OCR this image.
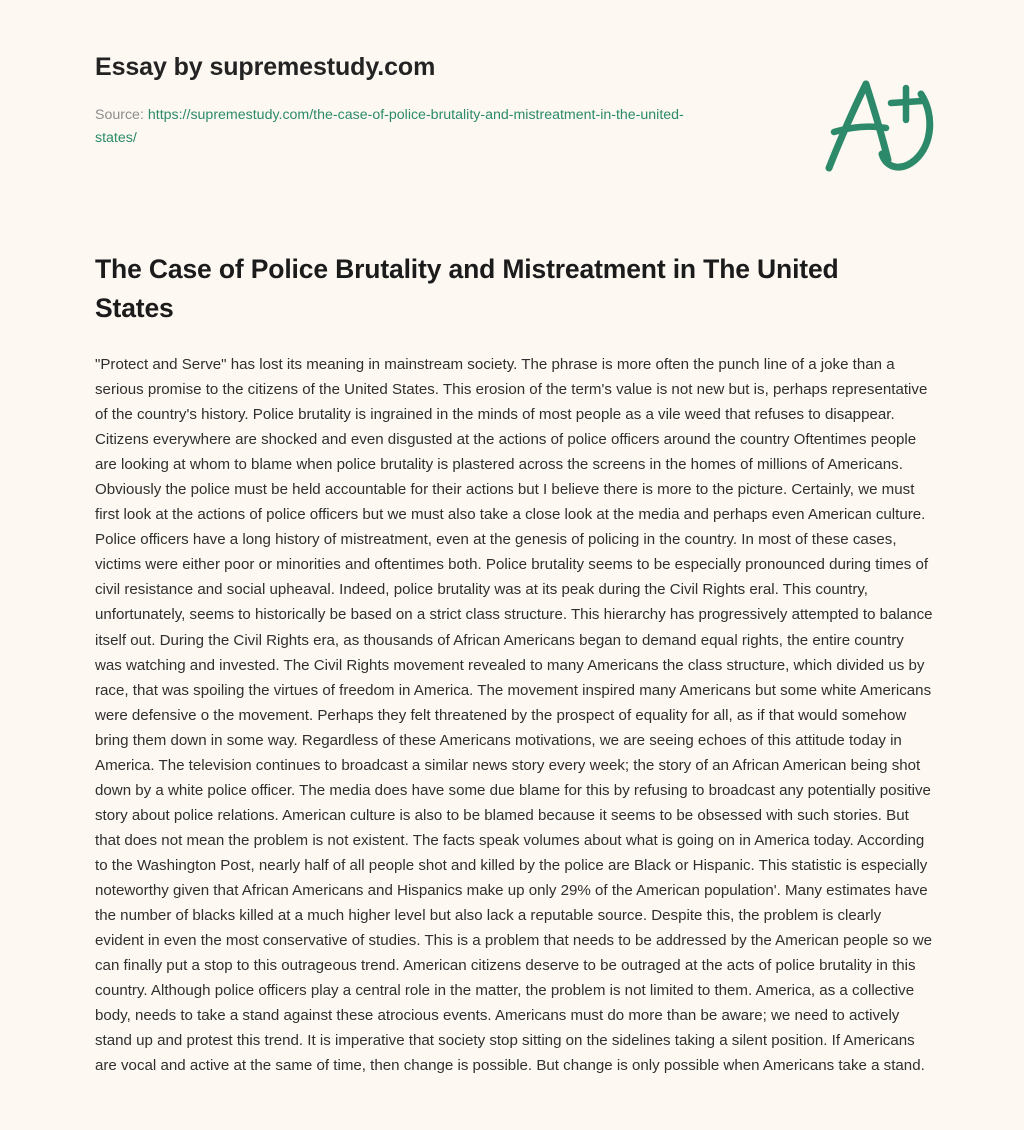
Essay by supremestudy.com
Source: https://supremestudy.com/the-case-of-police-brutality-and-mistreatment-in-the-united-states/
The Case of Police Brutality and Mistreatment in The United States

"Protect and Serve" has lost its meaning in mainstream society. The phrase is more often the punch line of a joke than a serious promise to the citizens of the United States. This erosion of the term's value is not new but is, perhaps representative of the country's history. Police brutality is ingrained in the minds of most people as a vile weed that refuses to disappear. Citizens everywhere are shocked and even disgusted at the actions of police officers around the country Oftentimes people are looking at whom to blame when police brutality is plastered across the screens in the homes of millions of Americans. Obviously the police must be held accountable for their actions but I believe there is more to the picture. Certainly, we must first look at the actions of police officers but we must also take a close look at the media and perhaps even American culture. Police officers have a long history of mistreatment, even at the genesis of policing in the country. In most of these cases, victims were either poor or minorities and oftentimes both. Police brutality seems to be especially pronounced during times of civil resistance and social upheaval. Indeed, police brutality was at its peak during the Civil Rights eral. This country, unfortunately, seems to historically be based on a strict class structure. This hierarchy has progressively attempted to balance itself out. During the Civil Rights era, as thousands of African Americans began to demand equal rights, the entire country was watching and invested. The Civil Rights movement revealed to many Americans the class structure, which divided us by race, that was spoiling the virtues of freedom in America. The movement inspired many Americans but some white Americans were defensive o the movement. Perhaps they felt threatened by the prospect of equality for all, as if that would somehow bring them down in some way. Regardless of these Americans motivations, we are seeing echoes of this attitude today in America. The television continues to broadcast a similar news story every week; the story of an African American being shot down by a white police officer. The media does have some due blame for this by refusing to broadcast any potentially positive story about police relations. American culture is also to be blamed because it seems to be obsessed with such stories. But that does not mean the problem is not existent. The facts speak volumes about what is going on in America today. According to the Washington Post, nearly half of all people shot and killed by the police are Black or Hispanic. This statistic is especially noteworthy given that African Americans and Hispanics make up only 29% of the American population'. Many estimates have the number of blacks killed at a much higher level but also lack a reputable source. Despite this, the problem is clearly evident in even the most conservative of studies. This is a problem that needs to be addressed by the American people so we can finally put a stop to this outrageous trend. American citizens deserve to be outraged at the acts of police brutality in this country. Although police officers play a central role in the matter, the problem is not limited to them. America, as a collective body, needs to take a stand against these atrocious events. Americans must do more than be aware; we need to actively stand up and protest this trend. It is imperative that society stop sitting on the sidelines taking a silent position. If Americans are vocal and active at the same of time, then change is possible. But change is only possible when Americans take a stand.
